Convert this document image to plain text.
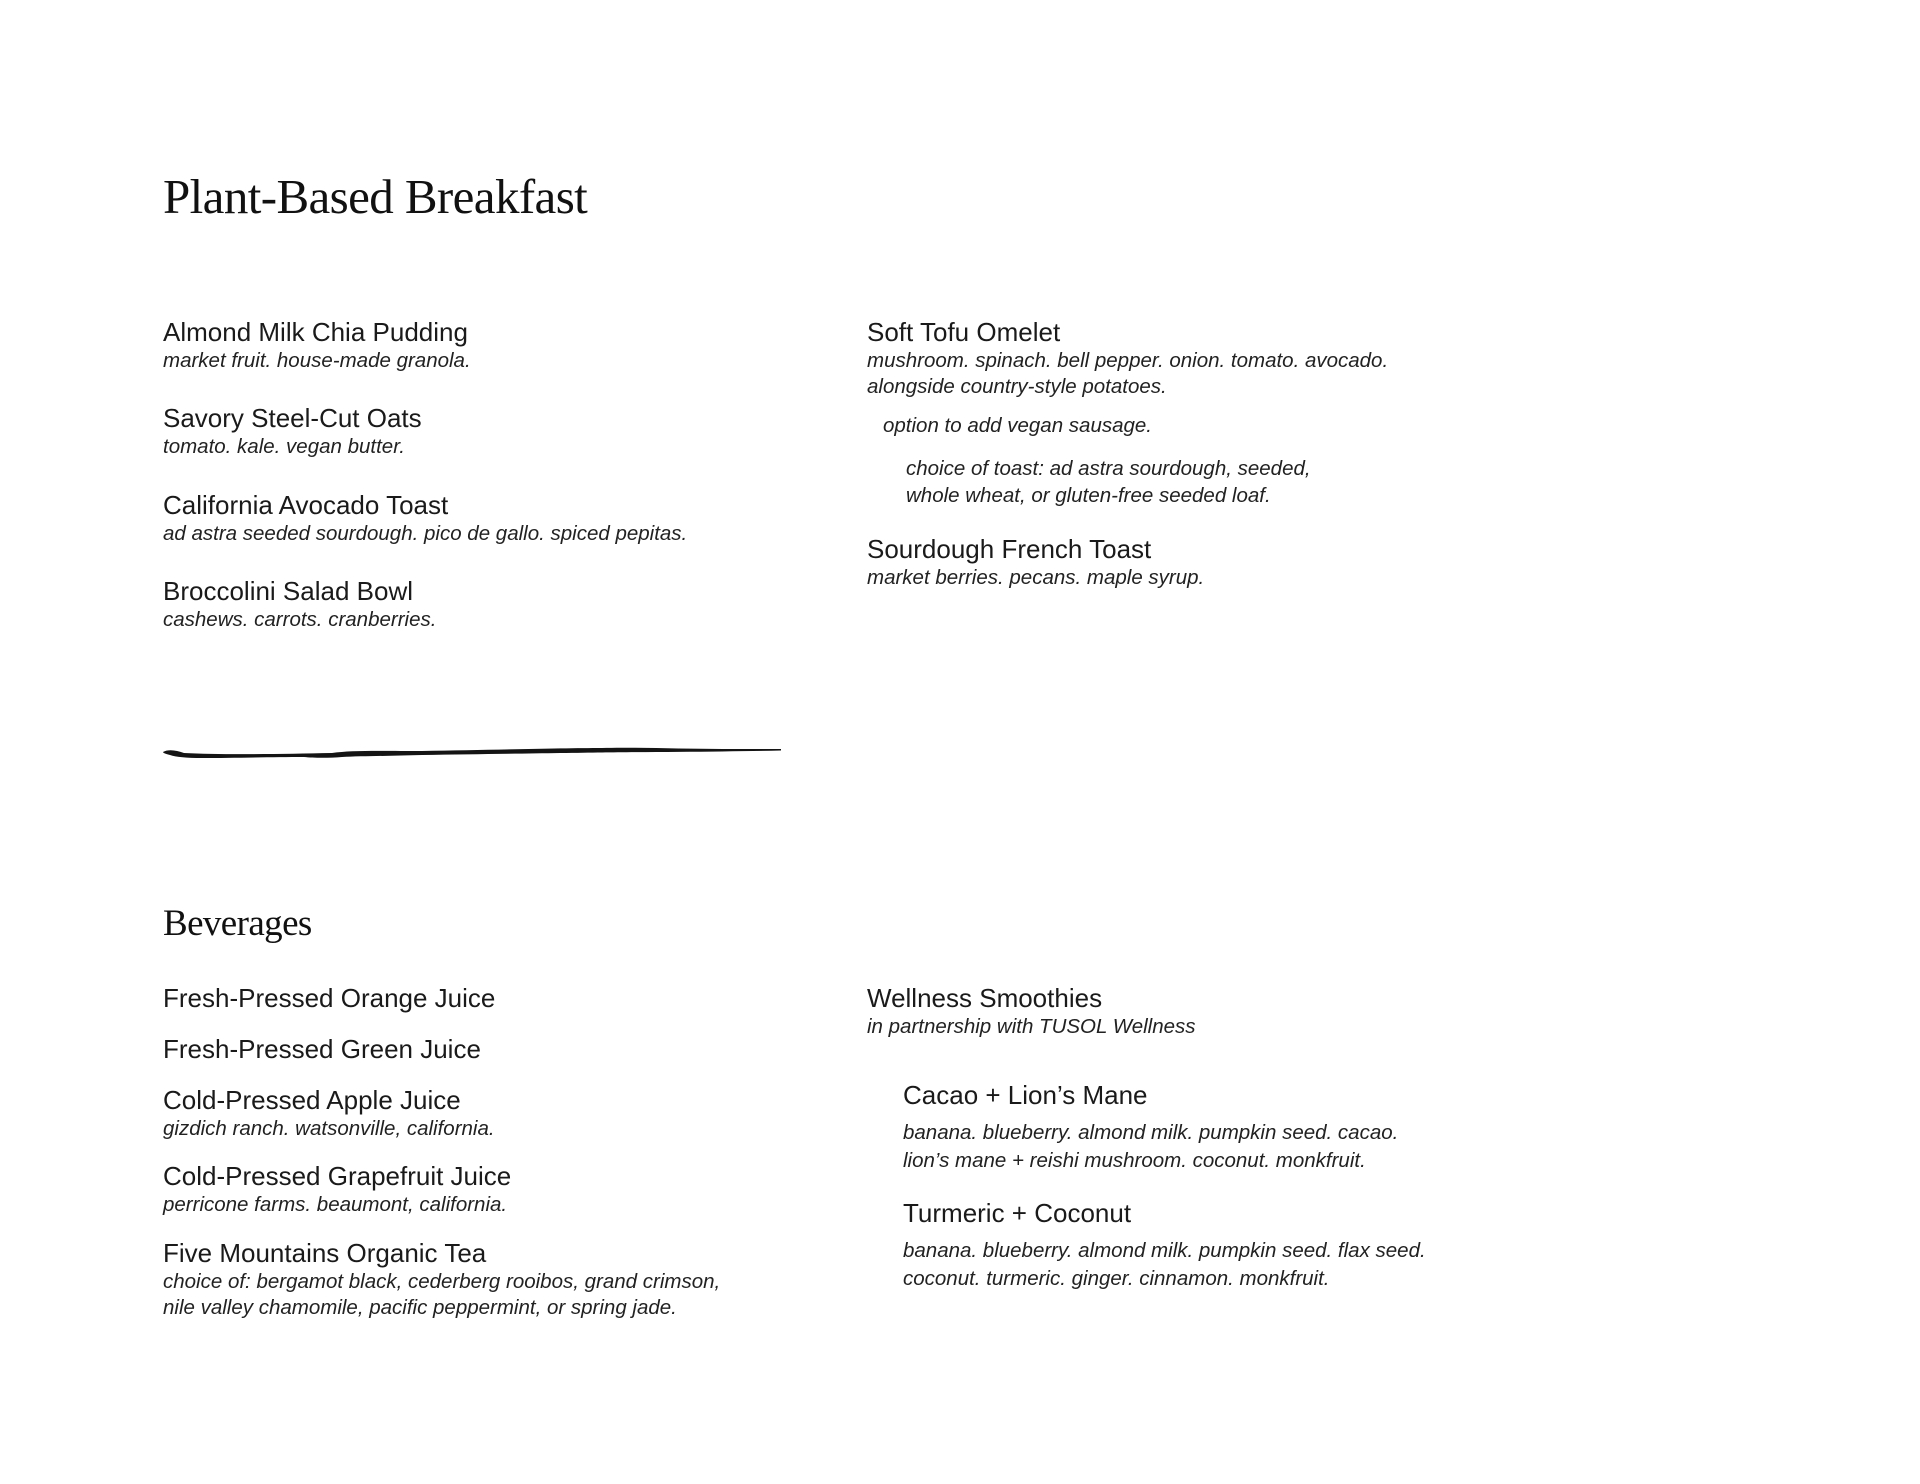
Plant-Based Breakfast
Almond Milk Chia Pudding
market fruit. house-made granola.
Savory Steel-Cut Oats
tomato. kale. vegan butter.
California Avocado Toast
ad astra seeded sourdough. pico de gallo. spiced pepitas.
Broccolini Salad Bowl
cashews. carrots. cranberries.
Soft Tofu Omelet
mushroom. spinach. bell pepper. onion. tomato. avocado.
alongside country-style potatoes.
option to add vegan sausage.
choice of toast: ad astra sourdough, seeded,
whole wheat, or gluten-free seeded loaf.
Sourdough French Toast
market berries. pecans. maple syrup.
Beverages
Fresh-Pressed Orange Juice
Fresh-Pressed Green Juice
Cold-Pressed Apple Juice
gizdich ranch. watsonville, california.
Cold-Pressed Grapefruit Juice
perricone farms. beaumont, california.
Five Mountains Organic Tea
choice of: bergamot black, cederberg rooibos, grand crimson,
nile valley chamomile, pacific peppermint, or spring jade.
Wellness Smoothies
in partnership with TUSOL Wellness
Cacao + Lion’s Mane
banana. blueberry. almond milk. pumpkin seed. cacao.
lion’s mane + reishi mushroom. coconut. monkfruit.
Turmeric + Coconut
banana. blueberry. almond milk. pumpkin seed. flax seed.
coconut. turmeric. ginger. cinnamon. monkfruit.
